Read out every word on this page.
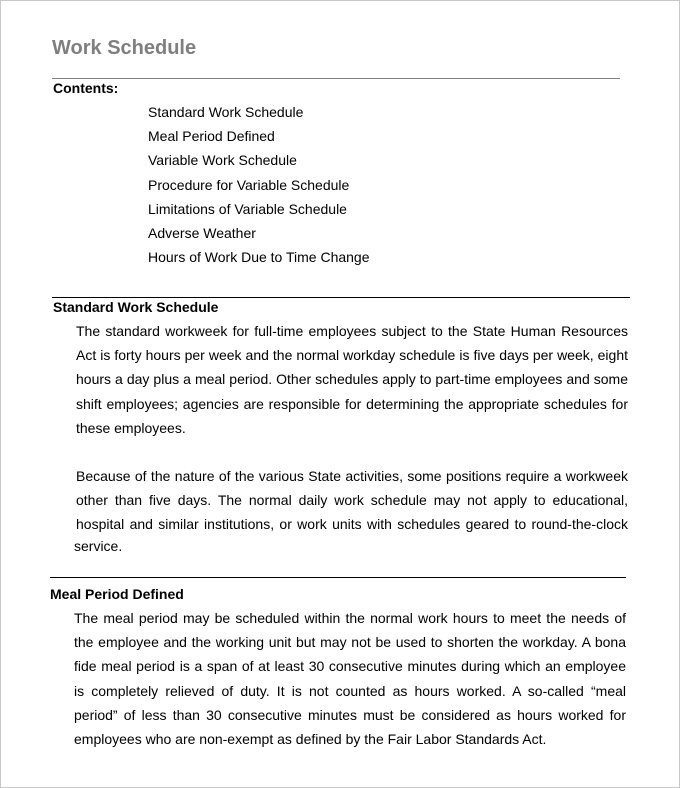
Work Schedule
Contents:
Standard Work Schedule
Meal Period Defined
Variable Work Schedule
Procedure for Variable Schedule
Limitations of Variable Schedule
Adverse Weather
Hours of Work Due to Time Change
Standard Work Schedule
The standard workweek for full-time employees subject to the State Human Resources
Act is forty hours per week and the normal workday schedule is five days per week, eight
hours a day plus a meal period. Other schedules apply to part-time employees and some
shift employees; agencies are responsible for determining the appropriate schedules for
these employees.
Because of the nature of the various State activities, some positions require a workweek
other than five days. The normal daily work schedule may not apply to educational,
hospital and similar institutions, or work units with schedules geared to round-the-clock
service.
Meal Period Defined
The meal period may be scheduled within the normal work hours to meet the needs of
the employee and the working unit but may not be used to shorten the workday. A bona
fide meal period is a span of at least 30 consecutive minutes during which an employee
is completely relieved of duty. It is not counted as hours worked. A so-called “meal
period” of less than 30 consecutive minutes must be considered as hours worked for
employees who are non-exempt as defined by the Fair Labor Standards Act.
